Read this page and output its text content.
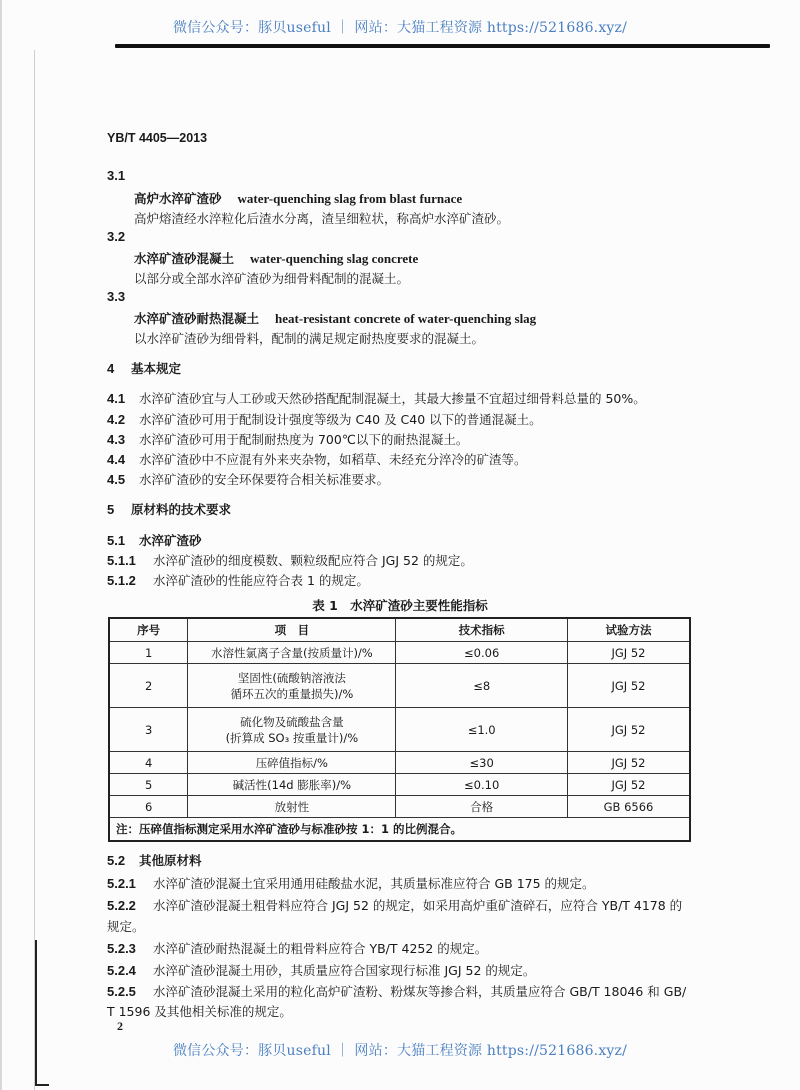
微信公众号：豚贝useful ｜ 网站：大猫工程资源 https://521686.xyz/
YB/T 4405—2013
3.1
高炉水淬矿渣砂 water-quenching slag from blast furnace
高炉熔渣经水淬粒化后渣水分离，渣呈细粒状，称高炉水淬矿渣砂。
3.2
水淬矿渣砂混凝土 water-quenching slag concrete
以部分或全部水淬矿渣砂为细骨料配制的混凝土。
3.3
水淬矿渣砂耐热混凝土 heat-resistant concrete of water-quenching slag
以水淬矿渣砂为细骨料，配制的满足规定耐热度要求的混凝土。
4 基本规定
4.1 水淬矿渣砂宜与人工砂或天然砂搭配配制混凝土，其最大掺量不宜超过细骨料总量的 50%。
4.2 水淬矿渣砂可用于配制设计强度等级为 C40 及 C40 以下的普通混凝土。
4.3 水淬矿渣砂可用于配制耐热度为 700℃以下的耐热混凝土。
4.4 水淬矿渣砂中不应混有外来夹杂物，如稻草、未经充分淬冷的矿渣等。
4.5 水淬矿渣砂的安全环保要符合相关标准要求。
5 原材料的技术要求
5.1 水淬矿渣砂
5.1.1 水淬矿渣砂的细度模数、颗粒级配应符合 JGJ 52 的规定。
5.1.2 水淬矿渣砂的性能应符合表 1 的规定。
表 1　水淬矿渣砂主要性能指标
序号	项　目	技术指标	试验方法
1	水溶性氯离子含量(按质量计)/%	≤0.06	JGJ 52
2	坚固性(硫酸钠溶液法
循环五次的重量损失)/%	≤8	JGJ 52
3	硫化物及硫酸盐含量
(折算成 SO₃ 按重量计)/%	≤1.0	JGJ 52
4	压碎值指标/%	≤30	JGJ 52
5	碱活性(14d 膨胀率)/%	≤0.10	JGJ 52
6	放射性	合格	GB 6566
注：压碎值指标测定采用水淬矿渣砂与标准砂按 1：1 的比例混合。			
5.2 其他原材料
5.2.1 水淬矿渣砂混凝土宜采用通用硅酸盐水泥，其质量标准应符合 GB 175 的规定。
5.2.2 水淬矿渣砂混凝土粗骨料应符合 JGJ 52 的规定，如采用高炉重矿渣碎石，应符合 YB/T 4178 的
规定。
5.2.3 水淬矿渣砂耐热混凝土的粗骨料应符合 YB/T 4252 的规定。
5.2.4 水淬矿渣砂混凝土用砂，其质量应符合国家现行标准 JGJ 52 的规定。
5.2.5 水淬矿渣砂混凝土采用的粒化高炉矿渣粉、粉煤灰等掺合料，其质量应符合 GB/T 18046 和 GB/
T 1596 及其他相关标准的规定。
2
微信公众号：豚贝useful ｜ 网站：大猫工程资源 https://521686.xyz/
